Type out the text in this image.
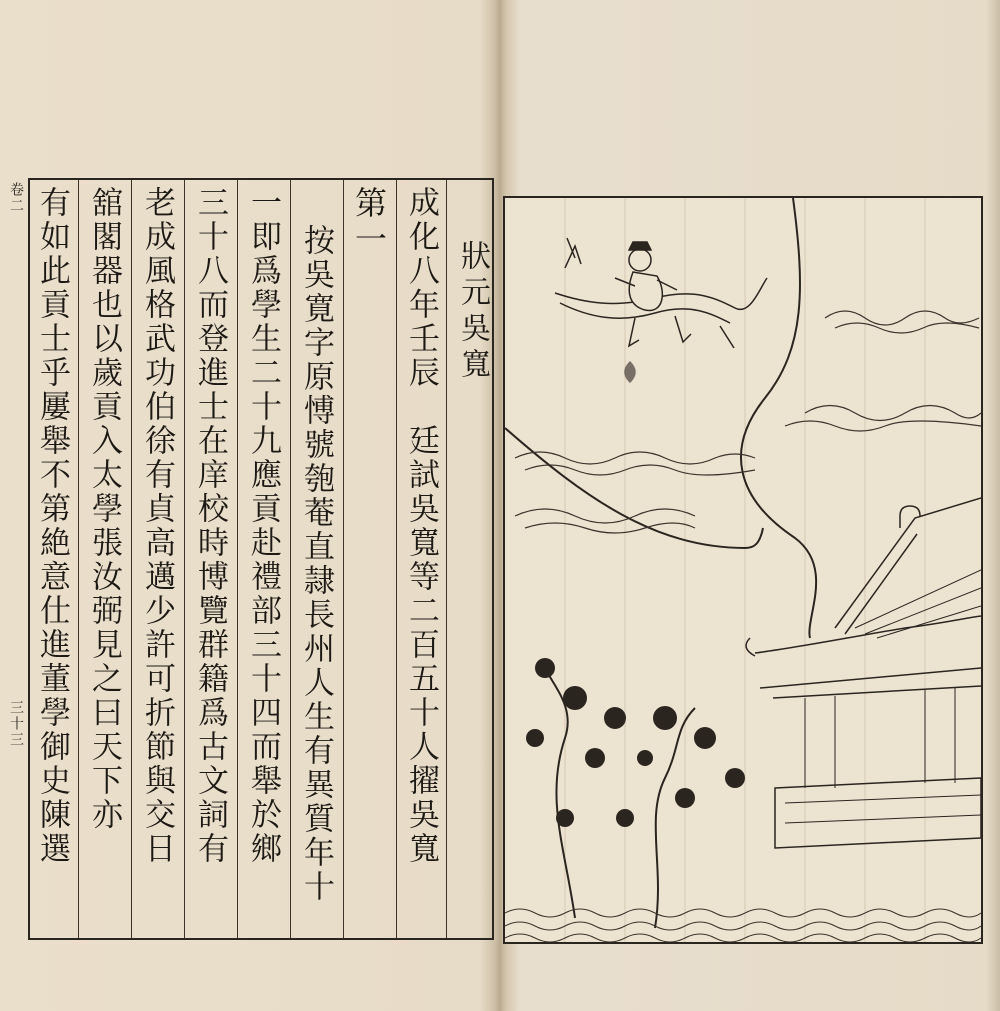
卷二
三十三
狀元吳寬
成化八年壬辰　廷試吳寬等二百五十人擢吳寬
第一
按吳寛字原愽號匏菴直隷長州人生有異質年十
一即爲學生二十九應貢赴禮部三十四而舉於鄉
三十八而登進士在庠校時博覽群籍爲古文詞有
老成風格武功伯徐有貞高邁少許可折節與交日
舘閣器也以歲貢入太學張汝弼見之曰天下亦
有如此貢士乎屢舉不第絶意仕進董學御史陳選
